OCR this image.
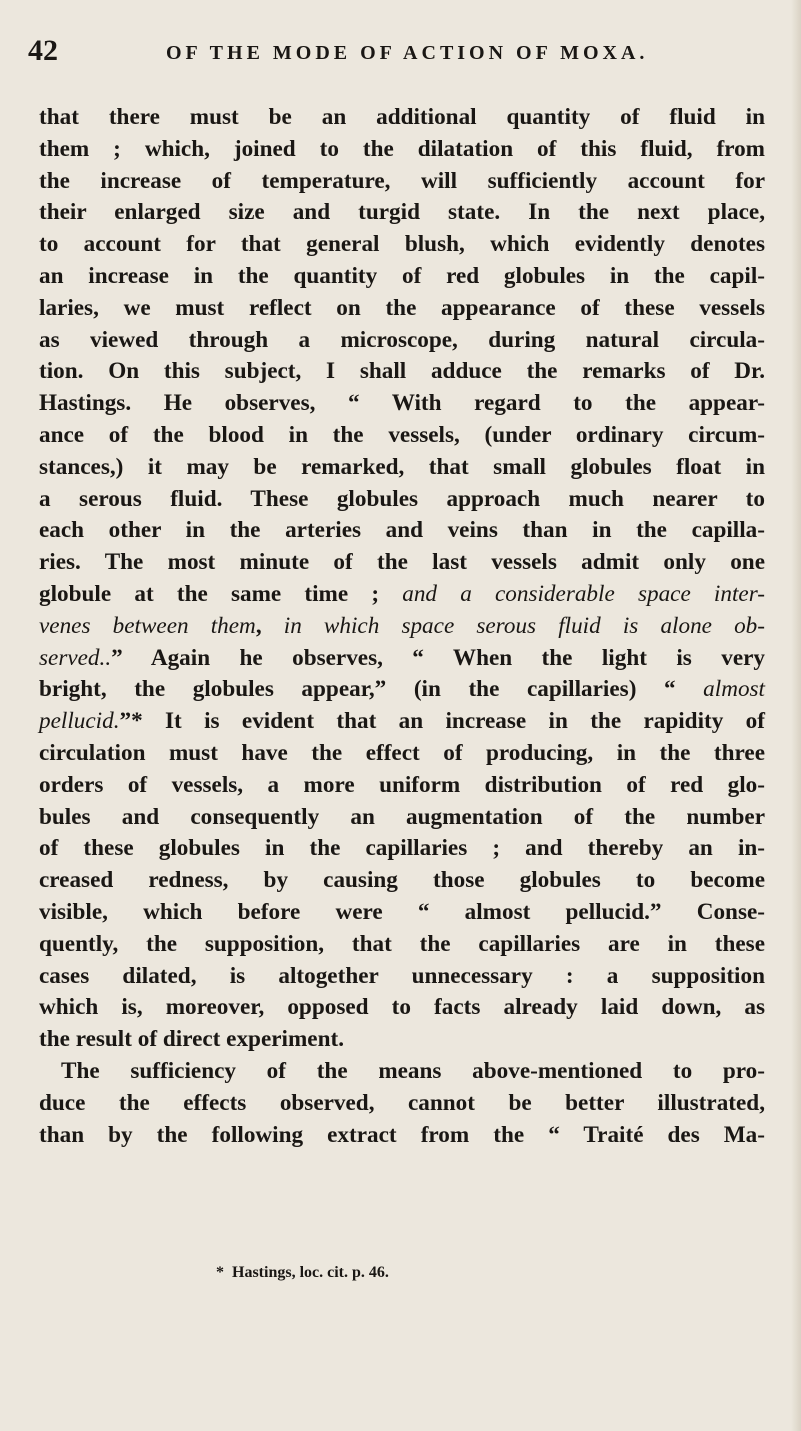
42	OF THE MODE OF ACTION OF MOXA.
that there must be an additional quantity of fluid in
them ; which, joined to the dilatation of this fluid, from
the increase of temperature, will sufficiently account for
their enlarged size and turgid state. In the next place,
to account for that general blush, which evidently denotes
an increase in the quantity of red globules in the capil-
laries, we must reflect on the appearance of these vessels
as viewed through a microscope, during natural circula-
tion. On this subject, I shall adduce the remarks of Dr.
Hastings. He observes, “ With regard to the appear-
ance of the blood in the vessels, (under ordinary circum-
stances,) it may be remarked, that small globules float in
a serous fluid. These globules approach much nearer to
each other in the arteries and veins than in the capilla-
ries. The most minute of the last vessels admit only one
globule at the same time ; and a considerable space inter-
venes between them, in which space serous fluid is alone ob-
served..” Again he observes, “ When the light is very
bright, the globules appear,” (in the capillaries) “ almost
pellucid.”* It is evident that an increase in the rapidity of
circulation must have the effect of producing, in the three
orders of vessels, a more uniform distribution of red glo-
bules and consequently an augmentation of the number
of these globules in the capillaries ; and thereby an in-
creased redness, by causing those globules to become
visible, which before were “ almost pellucid.” Conse-
quently, the supposition, that the capillaries are in these
cases dilated, is altogether unnecessary : a supposition
which is, moreover, opposed to facts already laid down, as
the result of direct experiment.
The sufficiency of the means above-mentioned to pro-
duce the effects observed, cannot be better illustrated,
than by the following extract from the “ Traité des Ma-
* Hastings, loc. cit. p. 46.
